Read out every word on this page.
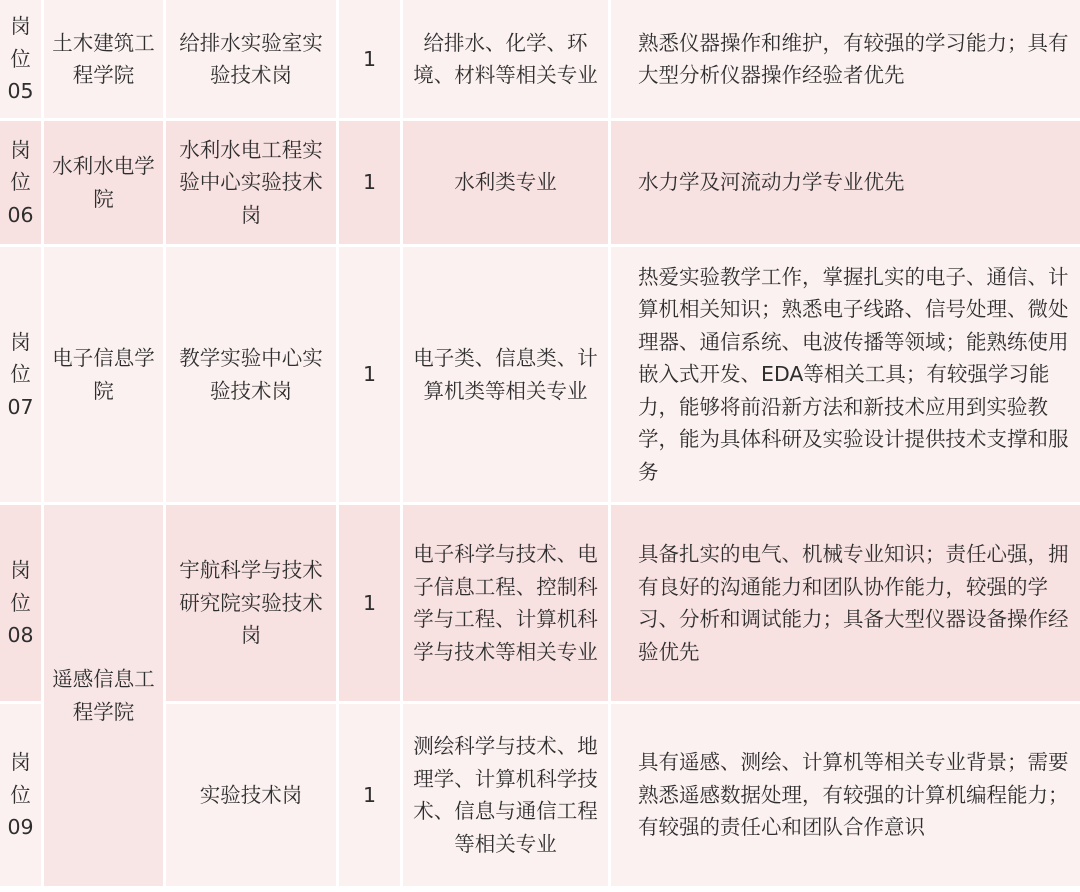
岗位05	土木建筑工程学院	给排水实验室实验技术岗	1	给排水、化学、环境、材料等相关专业	熟悉仪器操作和维护，有较强的学习能力；具有大型分析仪器操作经验者优先
岗位06	水利水电学院	水利水电工程实验中心实验技术岗	1	水利类专业	水力学及河流动力学专业优先
岗位07	电子信息学院	教学实验中心实验技术岗	1	电子类、信息类、计算机类等相关专业	热爱实验教学工作，掌握扎实的电子、通信、计算机相关知识；熟悉电子线路、信号处理、微处理器、通信系统、电波传播等领域；能熟练使用嵌入式开发、EDA等相关工具；有较强学习能力，能够将前沿新方法和新技术应用到实验教学，能为具体科研及实验设计提供技术支撑和服务
岗位08	遥感信息工程学院	宇航科学与技术研究院实验技术岗	1	电子科学与技术、电子信息工程、控制科学与工程、计算机科学与技术等相关专业	具备扎实的电气、机械专业知识；责任心强，拥有良好的沟通能力和团队协作能力，较强的学习、分析和调试能力；具备大型仪器设备操作经验优先
岗位09		实验技术岗	1	测绘科学与技术、地理学、计算机科学技术、信息与通信工程等相关专业	具有遥感、测绘、计算机等相关专业背景；需要熟悉遥感数据处理，有较强的计算机编程能力；有较强的责任心和团队合作意识
